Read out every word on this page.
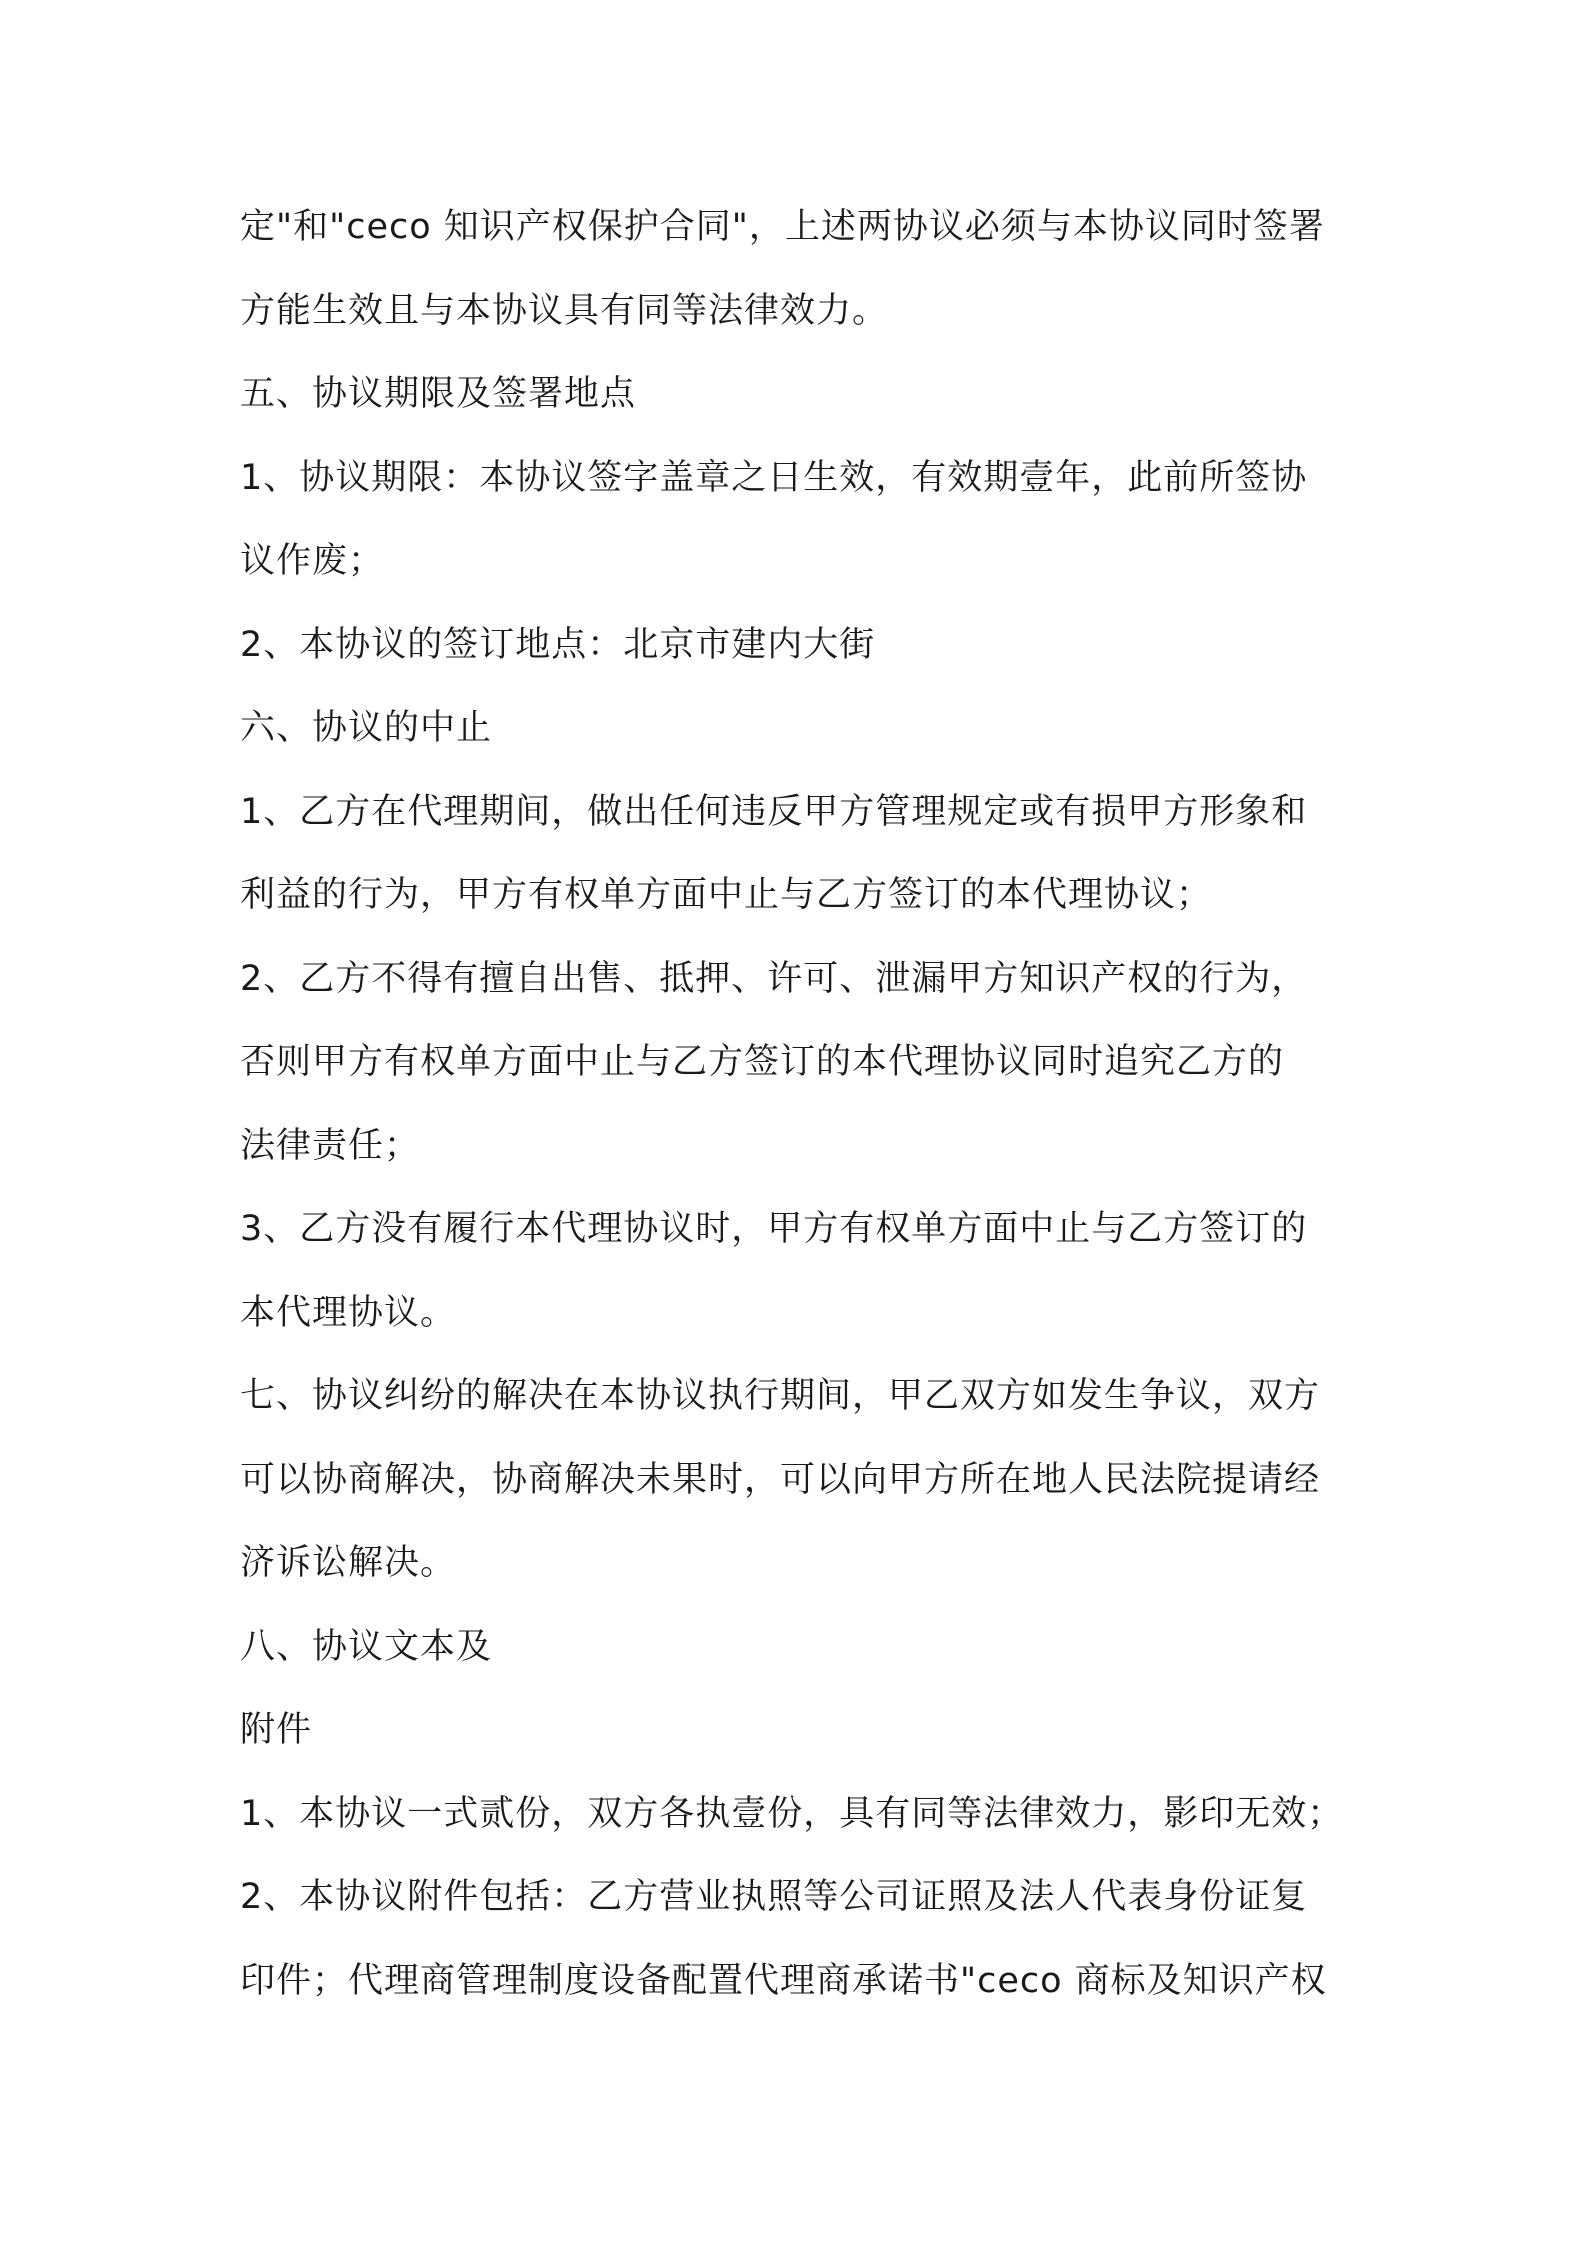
定"和"ceco 知识产权保护合同"，上述两协议必须与本协议同时签署
方能生效且与本协议具有同等法律效力。
五、协议期限及签署地点
1、协议期限：本协议签字盖章之日生效，有效期壹年，此前所签协
议作废；
2、本协议的签订地点：北京市建内大街
六、协议的中止
1、乙方在代理期间，做出任何违反甲方管理规定或有损甲方形象和
利益的行为，甲方有权单方面中止与乙方签订的本代理协议；
2、乙方不得有擅自出售、抵押、许可、泄漏甲方知识产权的行为，
否则甲方有权单方面中止与乙方签订的本代理协议同时追究乙方的
法律责任；
3、乙方没有履行本代理协议时，甲方有权单方面中止与乙方签订的
本代理协议。
七、协议纠纷的解决在本协议执行期间，甲乙双方如发生争议，双方
可以协商解决，协商解决未果时，可以向甲方所在地人民法院提请经
济诉讼解决。
八、协议文本及
附件
1、本协议一式贰份，双方各执壹份，具有同等法律效力，影印无效；
2、本协议附件包括：乙方营业执照等公司证照及法人代表身份证复
印件；代理商管理制度设备配置代理商承诺书"ceco 商标及知识产权
